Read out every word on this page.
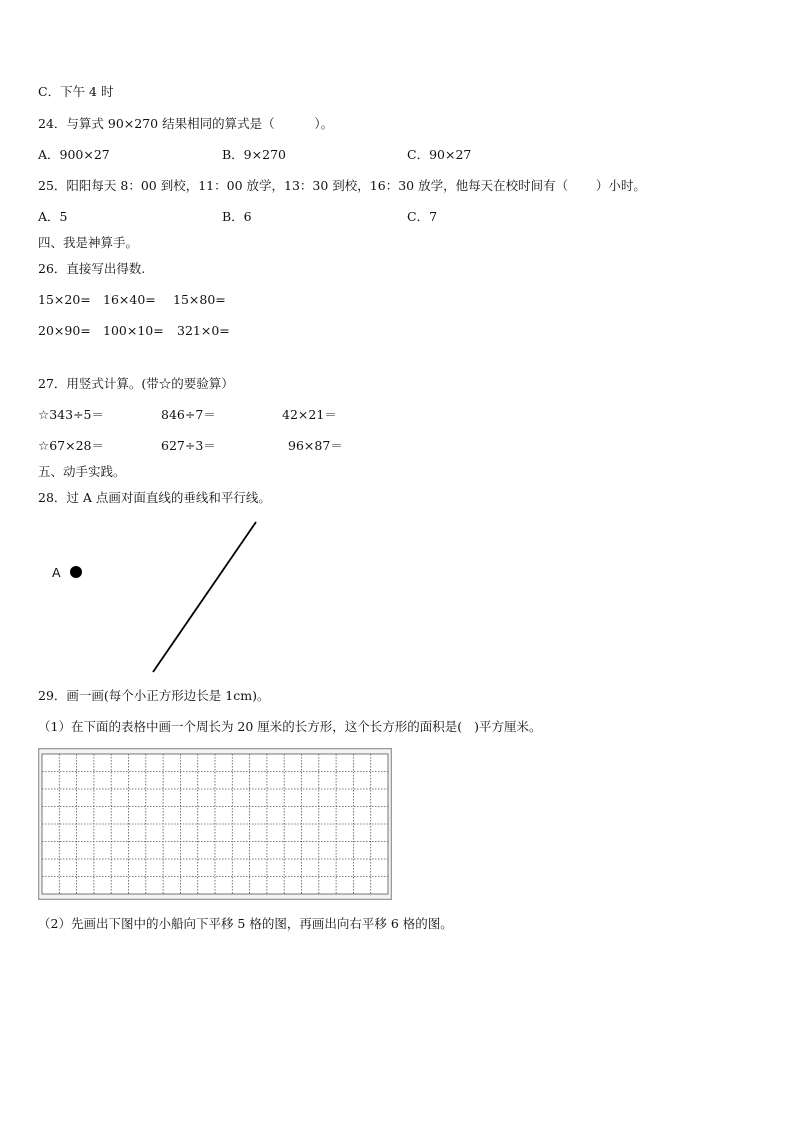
C．下午 4 时
24．与算式 90×270 结果相同的算式是（          ）。
A．900×27	B．9×270	C．90×27
25．阳阳每天 8：00 到校，11：00 放学，13：30 到校，16：30 放学，他每天在校时间有（       ）小时。
A．5	B．6	C．7
四、我是神算手。
26．直接写出得数.
15×20= 16×40= 15×80=
20×90= 100×10= 321×0=
27．用竖式计算。(带☆的要验算）
☆343÷5＝	846÷7＝	42×21＝
☆67×28＝	627÷3＝	96×87＝
五、动手实践。
28．过 A 点画对面直线的垂线和平行线。
A
29．画一画(每个小正方形边长是 1cm)。
（1）在下面的表格中画一个周长为 20 厘米的长方形，这个长方形的面积是(   )平方厘米。
（2）先画出下图中的小船向下平移 5 格的图，再画出向右平移 6 格的图。
